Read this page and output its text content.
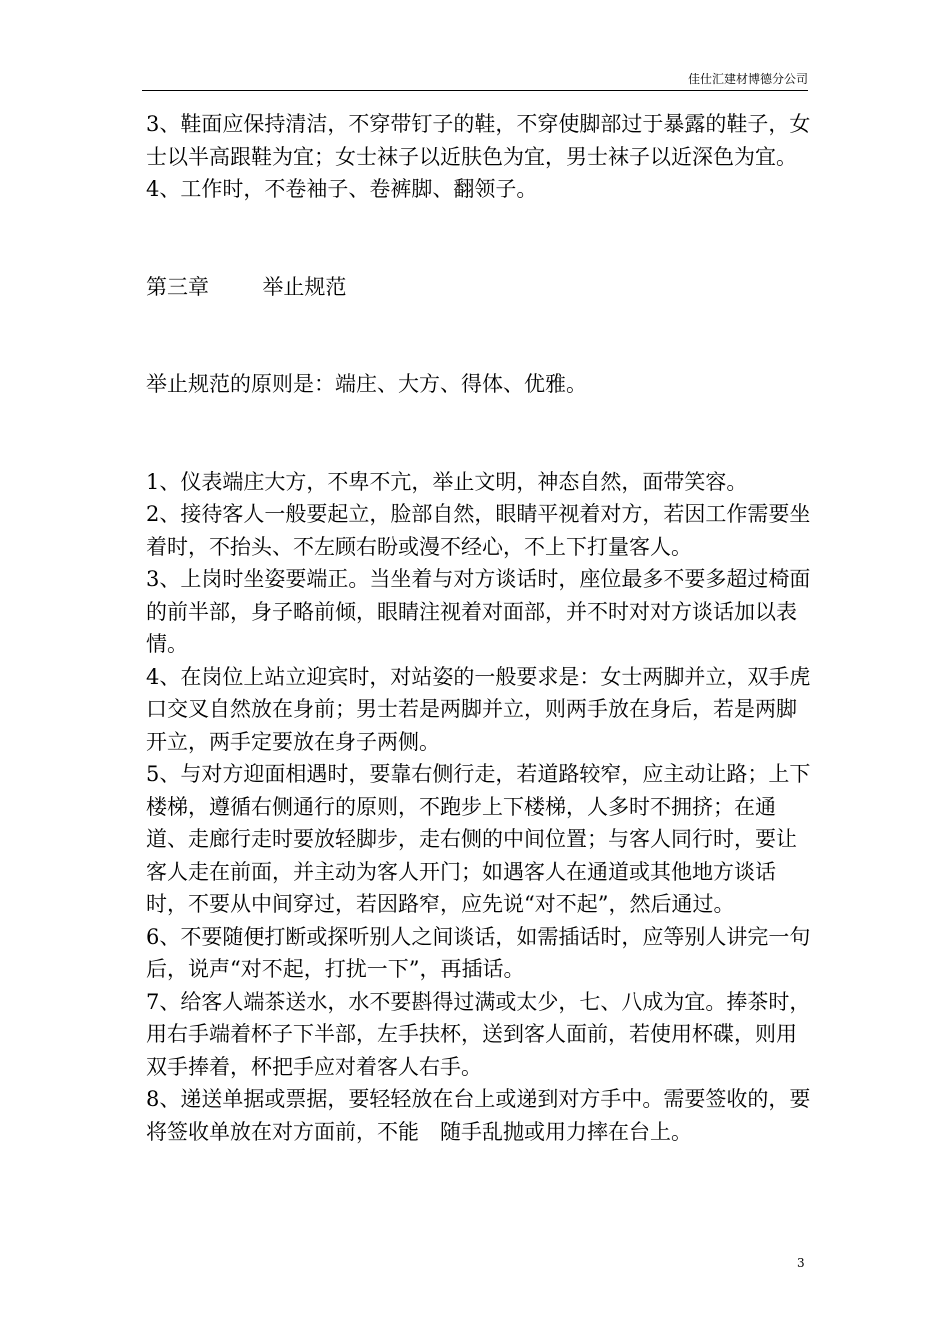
佳仕汇建材博德分公司

3、鞋面应保持清洁，不穿带钉子的鞋，不穿使脚部过于暴露的鞋子，女士以半高跟鞋为宜；女士袜子以近肤色为宜，男士袜子以近深色为宜。

4、工作时，不卷袖子、卷裤脚、翻领子。

第三章	举止规范

举止规范的原则是：端庄、大方、得体、优雅。

1、仪表端庄大方，不卑不亢，举止文明，神态自然，面带笑容。

2、接待客人一般要起立，脸部自然，眼睛平视着对方，若因工作需要坐着时，不抬头、不左顾右盼或漫不经心，不上下打量客人。

3、上岗时坐姿要端正。当坐着与对方谈话时，座位最多不要多超过椅面的前半部，身子略前倾，眼睛注视着对面部，并不时对对方谈话加以表情。

4、在岗位上站立迎宾时，对站姿的一般要求是：女士两脚并立，双手虎口交叉自然放在身前；男士若是两脚并立，则两手放在身后，若是两脚开立，两手定要放在身子两侧。

5、与对方迎面相遇时，要靠右侧行走，若道路较窄，应主动让路；上下楼梯，遵循右侧通行的原则，不跑步上下楼梯，人多时不拥挤；在通道、走廊行走时要放轻脚步，走右侧的中间位置；与客人同行时，要让客人走在前面，并主动为客人开门；如遇客人在通道或其他地方谈话时，不要从中间穿过，若因路窄，应先说“对不起”，然后通过。

6、不要随便打断或探听别人之间谈话，如需插话时，应等别人讲完一句后，说声“对不起，打扰一下”，再插话。

7、给客人端茶送水，水不要斟得过满或太少，七、八成为宜。捧茶时，用右手端着杯子下半部，左手扶杯，送到客人面前，若使用杯碟，则用双手捧着，杯把手应对着客人右手。

8、递送单据或票据，要轻轻放在台上或递到对方手中。需要签收的，要将签收单放在对方面前，不能　随手乱抛或用力摔在台上。

3
